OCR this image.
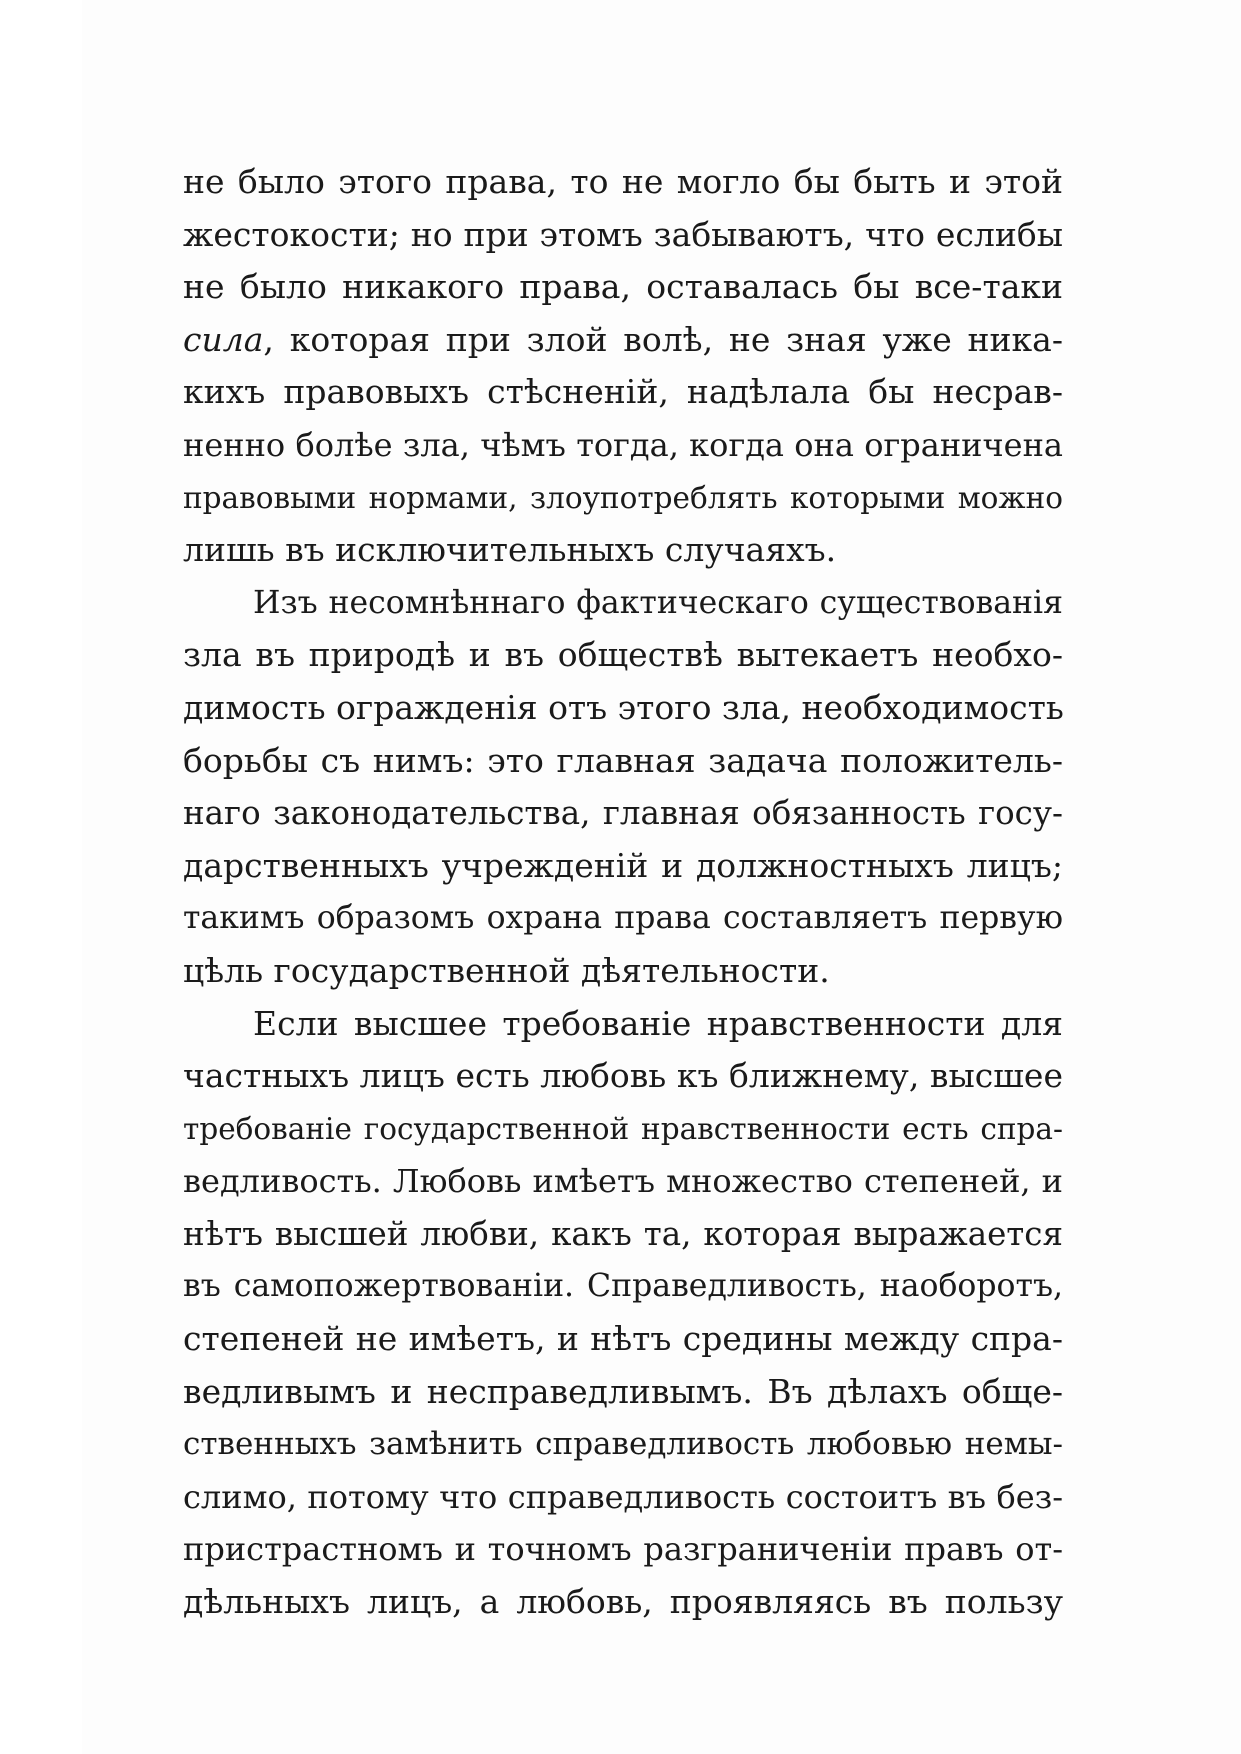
не было этого права, то не могло бы быть и этой
жестокости; но при этомъ забываютъ, что еслибы
не было никакого права, оставалась бы все-таки
сила, которая при злой волѣ, не зная уже ника-
кихъ правовыхъ стѣсненій, надѣлала бы несрав-
ненно болѣе зла, чѣмъ тогда, когда она ограничена
правовыми нормами, злоупотреблять которыми можно
лишь въ исключительныхъ случаяхъ.
Изъ несомнѣннаго фактическаго существованія
зла въ природѣ и въ обществѣ вытекаетъ необхо-
димость огражденія отъ этого зла, необходимость
борьбы съ нимъ: это главная задача положитель-
наго законодательства, главная обязанность госу-
дарственныхъ учрежденій и должностныхъ лицъ;
такимъ образомъ охрана права составляетъ первую
цѣль государственной дѣятельности.
Если высшее требованіе нравственности для
частныхъ лицъ есть любовь къ ближнему, высшее
требованіе государственной нравственности есть спра-
ведливость. Любовь имѣетъ множество степеней, и
нѣтъ высшей любви, какъ та, которая выражается
въ самопожертвованіи. Справедливость, наоборотъ,
степеней не имѣетъ, и нѣтъ средины между спра-
ведливымъ и несправедливымъ. Въ дѣлахъ обще-
ственныхъ замѣнить справедливость любовью немы-
слимо, потому что справедливость состоитъ въ без-
пристрастномъ и точномъ разграниченіи правъ от-
дѣльныхъ лицъ, а любовь, проявляясь въ пользу
